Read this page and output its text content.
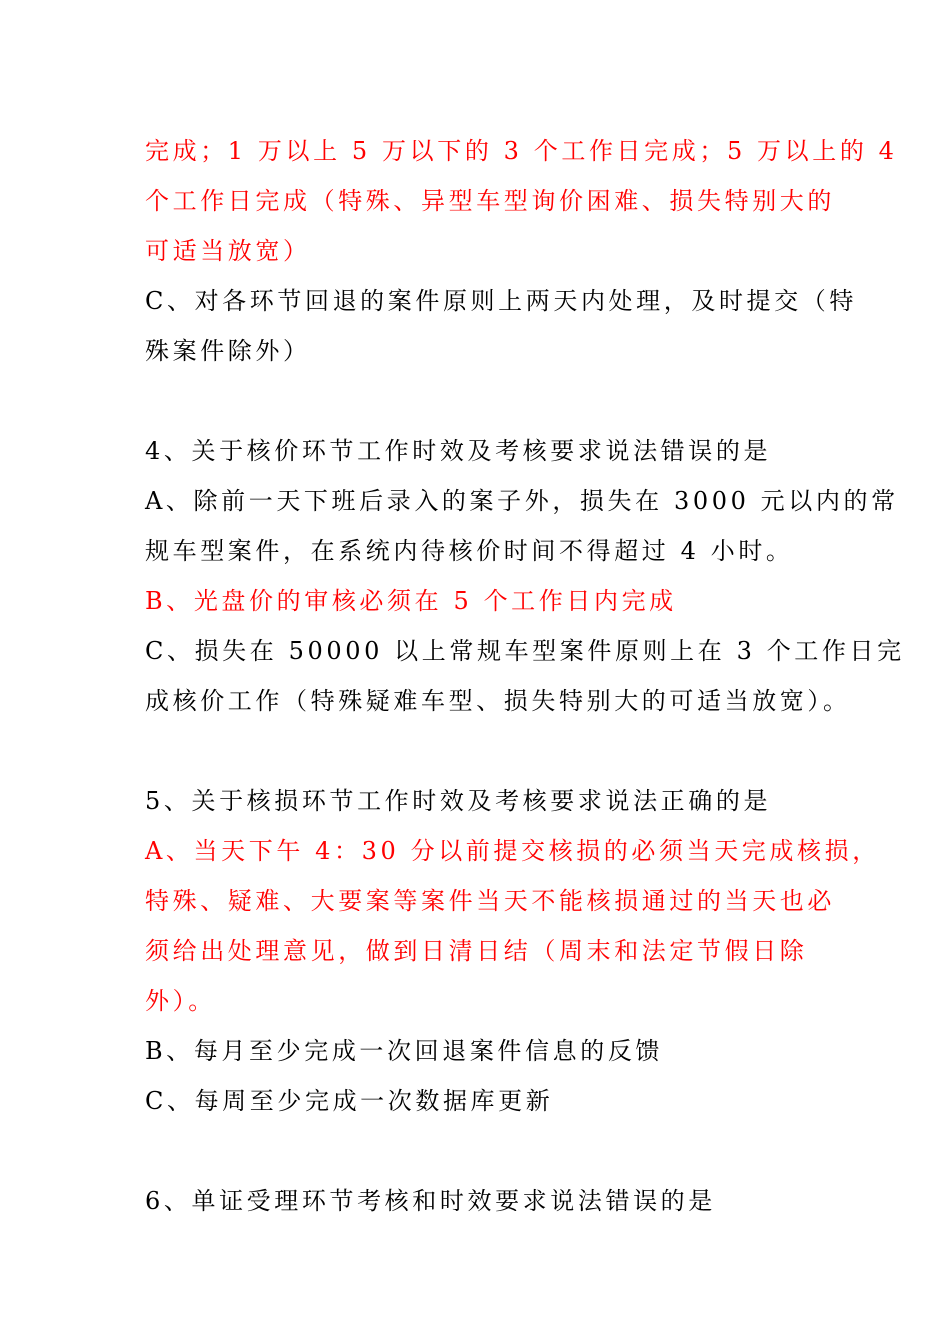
完成；1 万以上 5 万以下的 3 个工作日完成；5 万以上的 4
个工作日完成（特殊、异型车型询价困难、损失特别大的
可适当放宽）
C、对各环节回退的案件原则上两天内处理，及时提交（特
殊案件除外）
4、关于核价环节工作时效及考核要求说法错误的是
A、除前一天下班后录入的案子外，损失在 3000 元以内的常
规车型案件，在系统内待核价时间不得超过 4 小时。
B、光盘价的审核必须在 5 个工作日内完成
C、损失在 50000 以上常规车型案件原则上在 3 个工作日完
成核价工作（特殊疑难车型、损失特别大的可适当放宽）。
5、关于核损环节工作时效及考核要求说法正确的是
A、当天下午 4：30 分以前提交核损的必须当天完成核损，
特殊、疑难、大要案等案件当天不能核损通过的当天也必
须给出处理意见，做到日清日结（周末和法定节假日除
外）。
B、每月至少完成一次回退案件信息的反馈
C、每周至少完成一次数据库更新
6、单证受理环节考核和时效要求说法错误的是
